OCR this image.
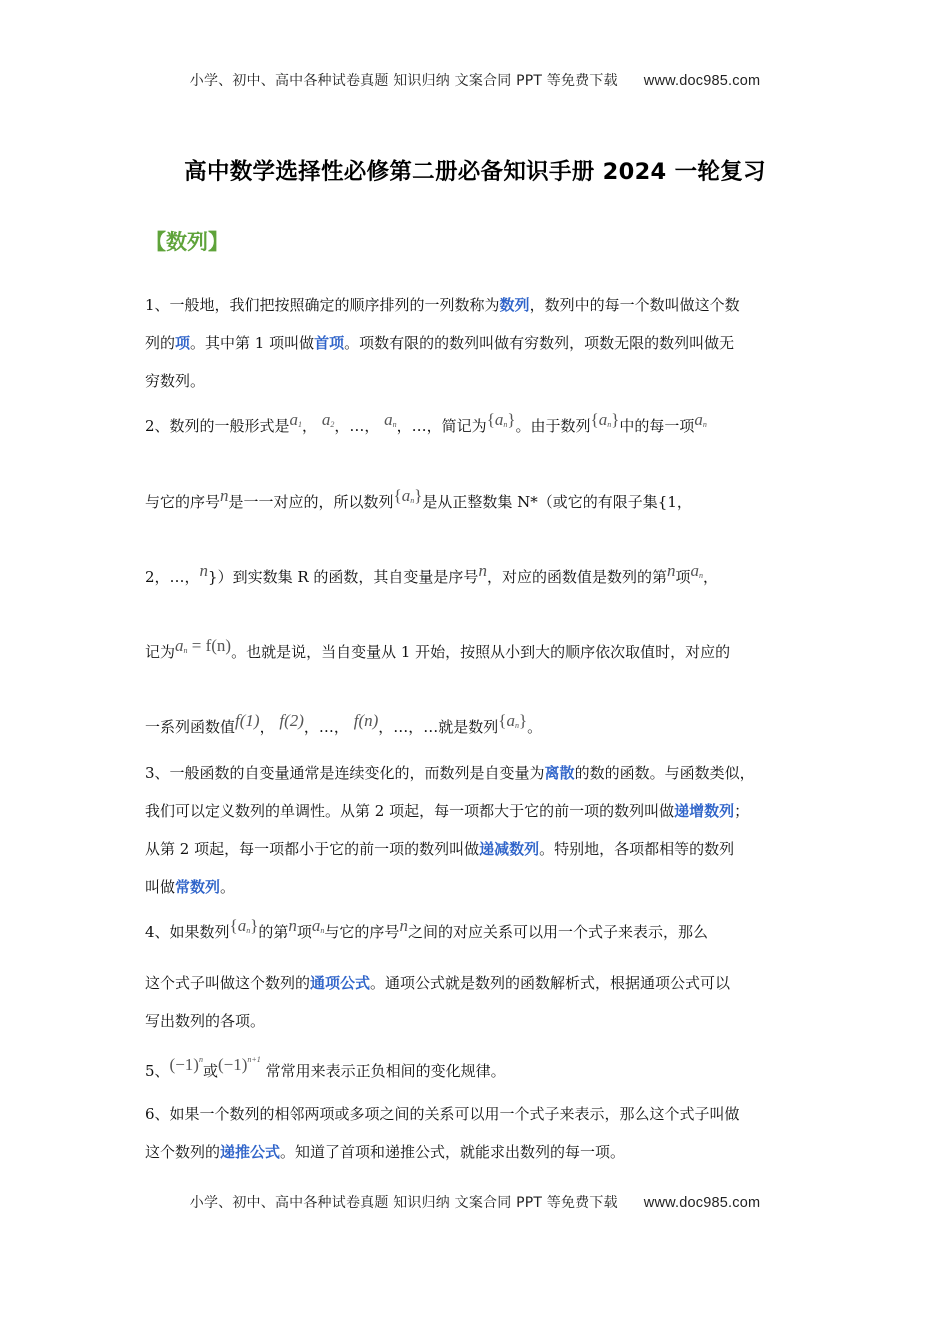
小学、初中、高中各种试卷真题 知识归纳 文案合同 PPT 等免费下载 www.doc985.com
高中数学选择性必修第二册必备知识手册 2024 一轮复习
【数列】
1、一般地，我们把按照确定的顺序排列的一列数称为数列，数列中的每一个数叫做这个数
列的项。其中第 1 项叫做首项。项数有限的的数列叫做有穷数列，项数无限的数列叫做无
穷数列。
2、数列的一般形式是$a_1$， $a_2$，…， $a_n$，…，简记为$\{a_n\}$。由于数列$\{a_n\}$中的每一项$a_n$
与它的序号n是一一对应的，所以数列$\{a_n\}$是从正整数集 N*（或它的有限子集{1，
2，…，n}）到实数集 R 的函数，其自变量是序号n，对应的函数值是数列的第n项$a_n$，
记为$a_n = f(n)$。也就是说，当自变量从 1 开始，按照从小到大的顺序依次取值时，对应的
一系列函数值f(1)， f(2)，…， f(n)，…，…就是数列$\{a_n\}$。
3、一般函数的自变量通常是连续变化的，而数列是自变量为离散的数的函数。与函数类似，
我们可以定义数列的单调性。从第 2 项起，每一项都大于它的前一项的数列叫做递增数列；
从第 2 项起，每一项都小于它的前一项的数列叫做递减数列。特别地，各项都相等的数列
叫做常数列。
4、如果数列$\{a_n\}$的第n项$a_n$与它的序号n之间的对应关系可以用一个式子来表示，那么
这个式子叫做这个数列的通项公式。通项公式就是数列的函数解析式，根据通项公式可以
写出数列的各项。
5、$(-1)^n$或$(-1)^{n+1}$ 常常用来表示正负相间的变化规律。
6、如果一个数列的相邻两项或多项之间的关系可以用一个式子来表示，那么这个式子叫做
这个数列的递推公式。知道了首项和递推公式，就能求出数列的每一项。
小学、初中、高中各种试卷真题 知识归纳 文案合同 PPT 等免费下载 www.doc985.com
